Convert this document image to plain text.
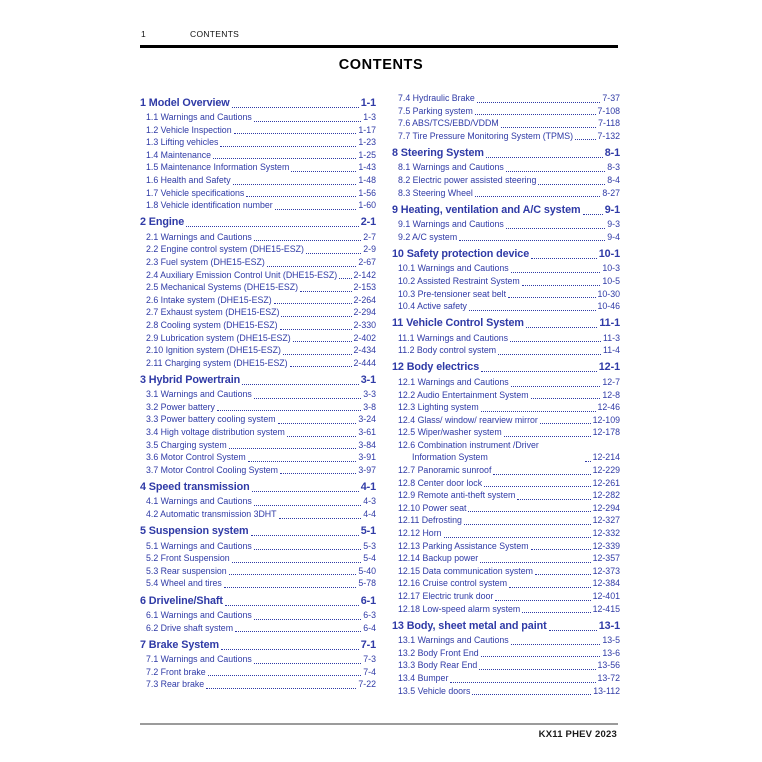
1	CONTENTS
CONTENTS
1 Model Overview	1-1
1.1 Warnings and Cautions	1-3
1.2 Vehicle Inspection	1-17
1.3 Lifting vehicles	1-23
1.4 Maintenance	1-25
1.5 Maintenance Information System	1-43
1.6 Health and Safety	1-48
1.7 Vehicle specifications	1-56
1.8 Vehicle identification number	1-60
2 Engine	2-1
2.1 Warnings and Cautions	2-7
2.2 Engine control system (DHE15-ESZ)	2-9
2.3 Fuel system (DHE15-ESZ)	2-67
2.4 Auxiliary Emission Control Unit (DHE15-ESZ) 2-142
2.5 Mechanical Systems (DHE15-ESZ)	2-153
2.6 Intake system (DHE15-ESZ)	2-264
2.7 Exhaust system (DHE15-ESZ)	2-294
2.8 Cooling system (DHE15-ESZ)	2-330
2.9 Lubrication system (DHE15-ESZ)	2-402
2.10 Ignition system (DHE15-ESZ)	2-434
2.11 Charging system (DHE15-ESZ)	2-444
3 Hybrid Powertrain	3-1
3.1 Warnings and Cautions	3-3
3.2 Power battery	3-8
3.3 Power battery cooling system	3-24
3.4 High voltage distribution system	3-61
3.5 Charging system	3-84
3.6 Motor Control System	3-91
3.7 Motor Control Cooling System	3-97
4 Speed transmission	4-1
4.1 Warnings and Cautions	4-3
4.2 Automatic transmission 3DHT	4-4
5 Suspension system	5-1
5.1 Warnings and Cautions	5-3
5.2 Front Suspension	5-4
5.3 Rear suspension	5-40
5.4 Wheel and tires	5-78
6 Driveline/Shaft	6-1
6.1 Warnings and Cautions	6-3
6.2 Drive shaft system	6-4
7 Brake System	7-1
7.1 Warnings and Cautions	7-3
7.2 Front brake	7-4
7.3 Rear brake	7-22
7.4 Hydraulic Brake	7-37
7.5 Parking system	7-108
7.6 ABS/TCS/EBD/VDDM	7-118
7.7 Tire Pressure Monitoring System (TPMS)	7-132
8 Steering System	8-1
8.1 Warnings and Cautions	8-3
8.2 Electric power assisted steering	8-4
8.3 Steering Wheel	8-27
9 Heating, ventilation and A/C system 9-1
9.1 Warnings and Cautions	9-3
9.2 A/C system	9-4
10 Safety protection device	10-1
10.1 Warnings and Cautions	10-3
10.2 Assisted Restraint System	10-5
10.3 Pre-tensioner seat belt	10-30
10.4 Active safety	10-46
11 Vehicle Control System	11-1
11.1 Warnings and Cautions	11-3
11.2 Body control system	11-4
12 Body electrics	12-1
12.1 Warnings and Cautions	12-7
12.2 Audio Entertainment System	12-8
12.3 Lighting system	12-46
12.4 Glass/ window/ rearview mirror	12-109
12.5 Wiper/washer system	12-178
12.6 Combination instrument /Driver Information System	12-214
12.7 Panoramic sunroof	12-229
12.8 Center door lock	12-261
12.9 Remote anti-theft system	12-282
12.10 Power seat	12-294
12.11 Defrosting	12-327
12.12 Horn	12-332
12.13 Parking Assistance System	12-339
12.14 Backup power	12-357
12.15 Data communication system	12-373
12.16 Cruise control system	12-384
12.17 Electric trunk door	12-401
12.18 Low-speed alarm system	12-415
13 Body, sheet metal and paint	13-1
13.1 Warnings and Cautions	13-5
13.2 Body Front End	13-6
13.3 Body Rear End	13-56
13.4 Bumper	13-72
13.5 Vehicle doors	13-112
KX11 PHEV 2023
